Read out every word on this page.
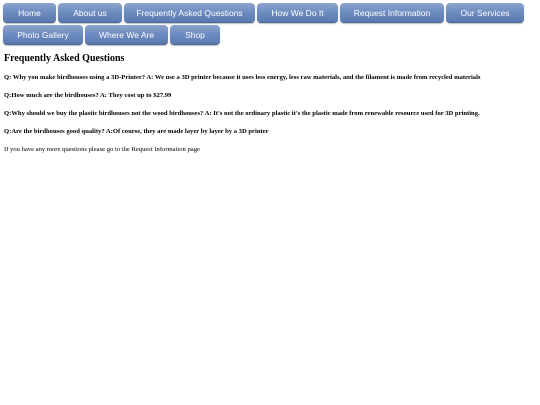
Home	About us	Frequently Asked Questions	How We Do It	Request Information	Our Services
Photo Gallery	Where We Are	Shop
Frequently Asked Questions

Q: Why you make birdhouses using a 3D-Printer? A: We use a 3D printer because it uses less energy, less raw materials, and the filament is made from recycled materials

Q:How much are the birdhouses? A: They cost up to $27.99

Q:Why should we buy the plastic birdhouses not the wood birdhouses? A: It's not the ordinary plastic it's the plastic made from renewable resource used for 3D printing.

Q:Are the birdhouses good quality? A:Of course, they are made layer by layer by a 3D printer

If you have any more questions please go to the Request Information page
